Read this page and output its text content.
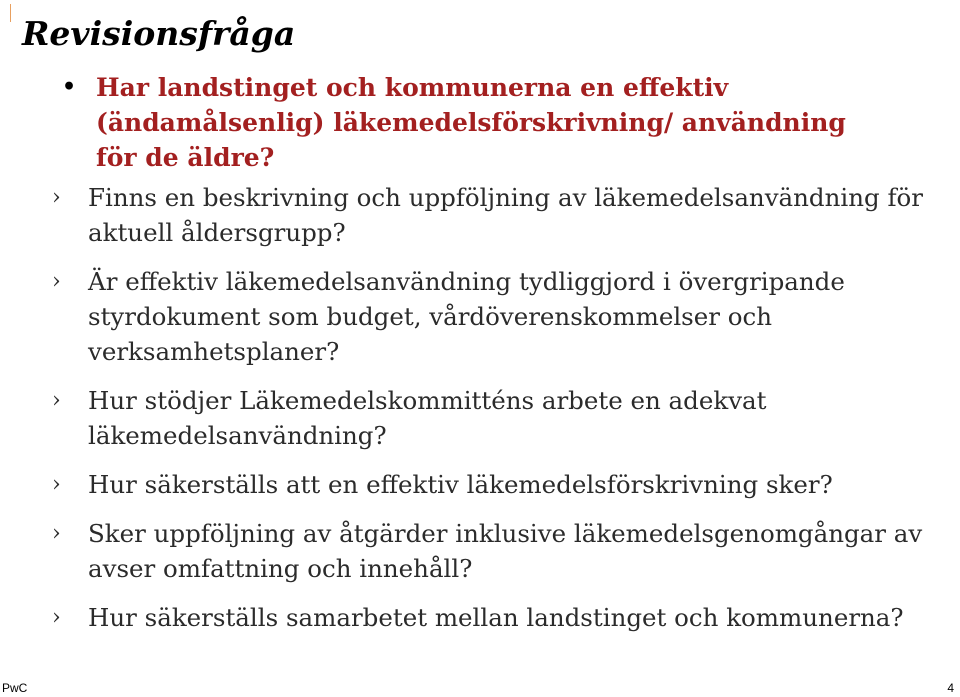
Revisionsfråga
• Har landstinget och kommunerna en effektiv (ändamålsenlig) läkemedelsförskrivning/ användning för de äldre?
› Finns en beskrivning och uppföljning av läkemedelsanvändning för aktuell åldersgrupp?
› Är effektiv läkemedelsanvändning tydliggjord i övergripande styrdokument som budget, vårdöverenskommelser och verksamhetsplaner?
› Hur stödjer Läkemedelskommitténs arbete en adekvat läkemedelsanvändning?
› Hur säkerställs att en effektiv läkemedelsförskrivning sker?
› Sker uppföljning av åtgärder inklusive läkemedelsgenomgångar av avser omfattning och innehåll?
› Hur säkerställs samarbetet mellan landstinget och kommunerna?
PwC	4
